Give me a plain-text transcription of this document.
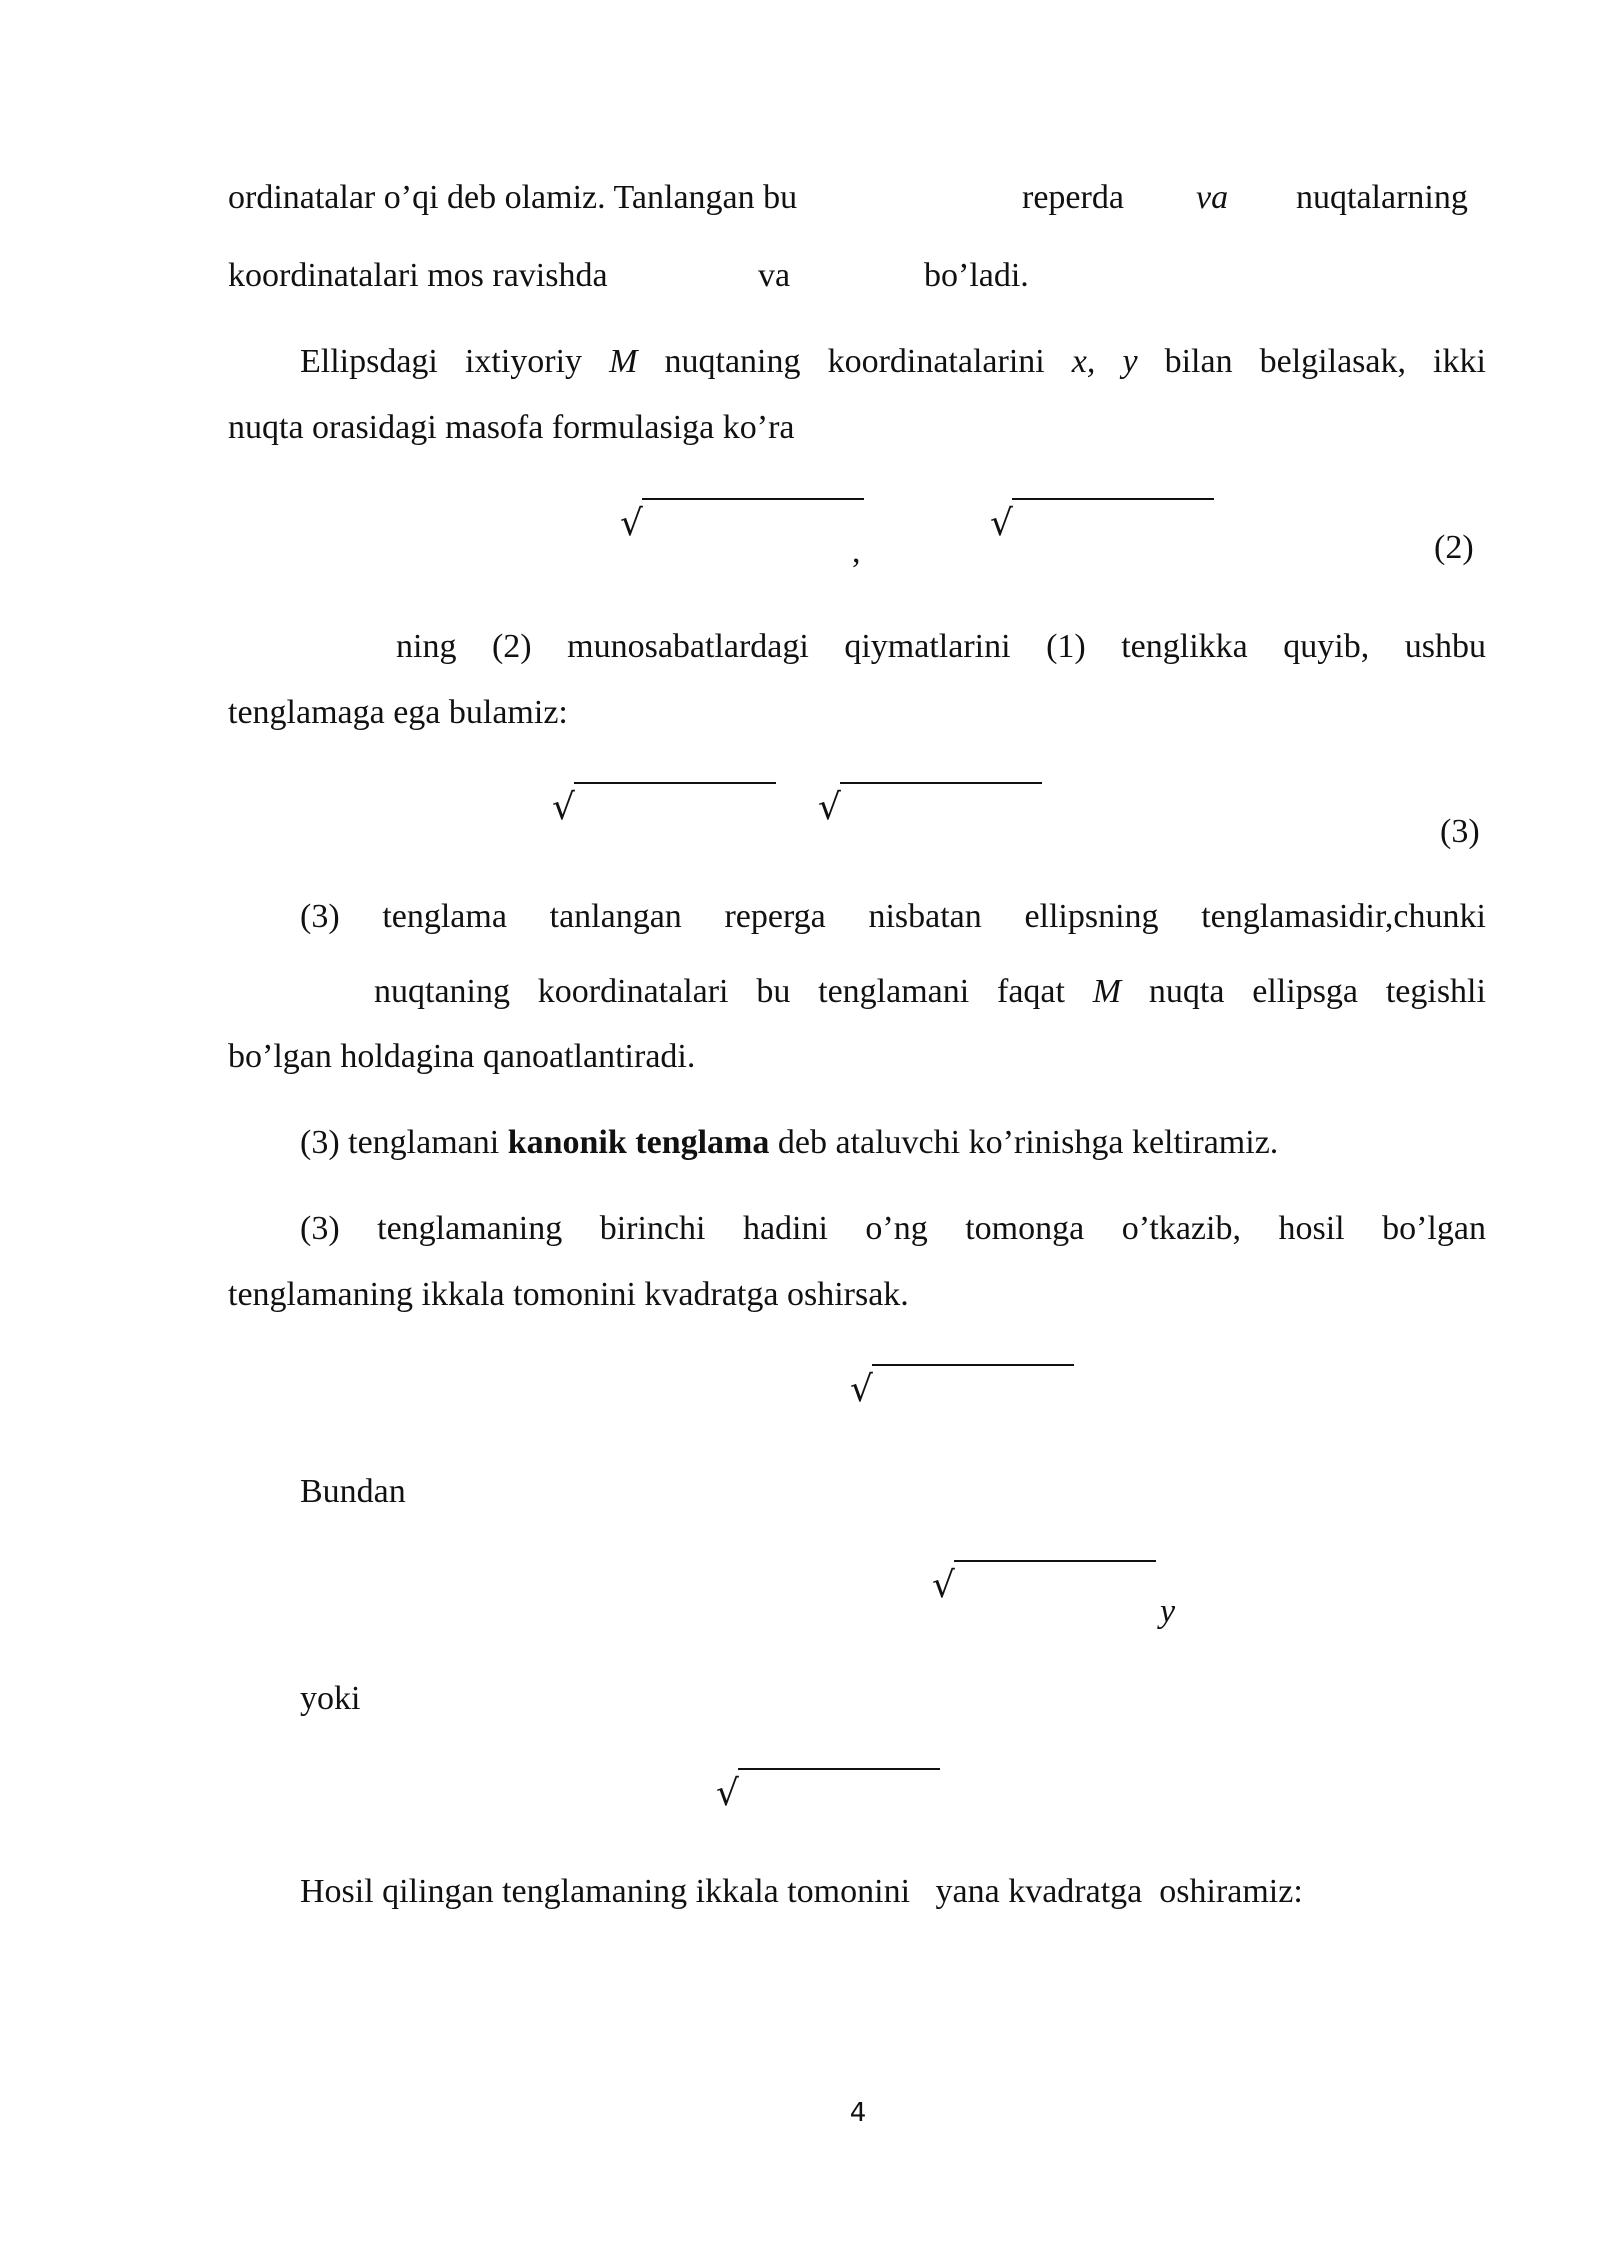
ordinatalar o’qi deb olamiz. Tanlangan bu	reperda va nuqtalarning
koordinatalari mos ravishda	va	bo’ladi.
Ellipsdagi ixtiyoriy M nuqtaning koordinatalarini x, y bilan belgilasak, ikki
nuqta orasidagi masofa formulasiga ko’ra
√
,
√
(2)
ning (2) munosabatlardagi qiymatlarini (1) tenglikka quyib, ushbu
tenglamaga ega bulamiz:
√	√
(3)
(3) tenglama tanlangan reperga nisbatan ellipsning tenglamasidir,chunki
nuqtaning koordinatalari bu tenglamani faqat M nuqta ellipsga tegishli
bo’lgan holdagina qanoatlantiradi.
(3) tenglamani kanonik tenglama deb ataluvchi ko’rinishga keltiramiz.
(3) tenglamaning birinchi hadini o’ng tomonga o’tkazib, hosil bo’lgan
tenglamaning ikkala tomonini kvadratga oshirsak.
√
Bundan
√
y
yoki
√
Hosil qilingan tenglamaning ikkala tomonini   yana kvadratga  oshiramiz:
4
